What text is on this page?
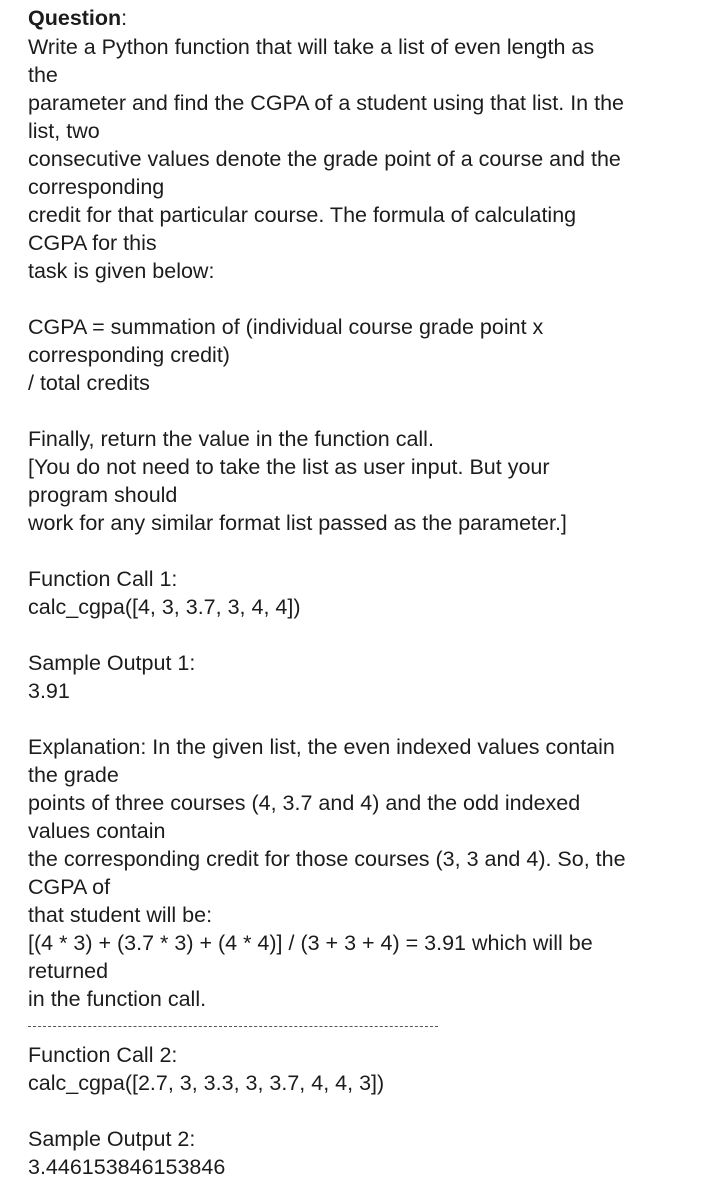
Question:
Write a Python function that will take a list of even length as
the
parameter and find the CGPA of a student using that list. In the
list, two
consecutive values denote the grade point of a course and the
corresponding
credit for that particular course. The formula of calculating
CGPA for this
task is given below:
CGPA = summation of (individual course grade point x
corresponding credit)
/ total credits
Finally, return the value in the function call.
[You do not need to take the list as user input. But your
program should
work for any similar format list passed as the parameter.]
Function Call 1:
calc_cgpa([4, 3, 3.7, 3, 4, 4])
Sample Output 1:
3.91
Explanation: In the given list, the even indexed values contain
the grade
points of three courses (4, 3.7 and 4) and the odd indexed
values contain
the corresponding credit for those courses (3, 3 and 4). So, the
CGPA of
that student will be:
[(4 * 3) + (3.7 * 3) + (4 * 4)] / (3 + 3 + 4) = 3.91 which will be
returned
in the function call.
Function Call 2:
calc_cgpa([2.7, 3, 3.3, 3, 3.7, 4, 4, 3])
Sample Output 2:
3.446153846153846
